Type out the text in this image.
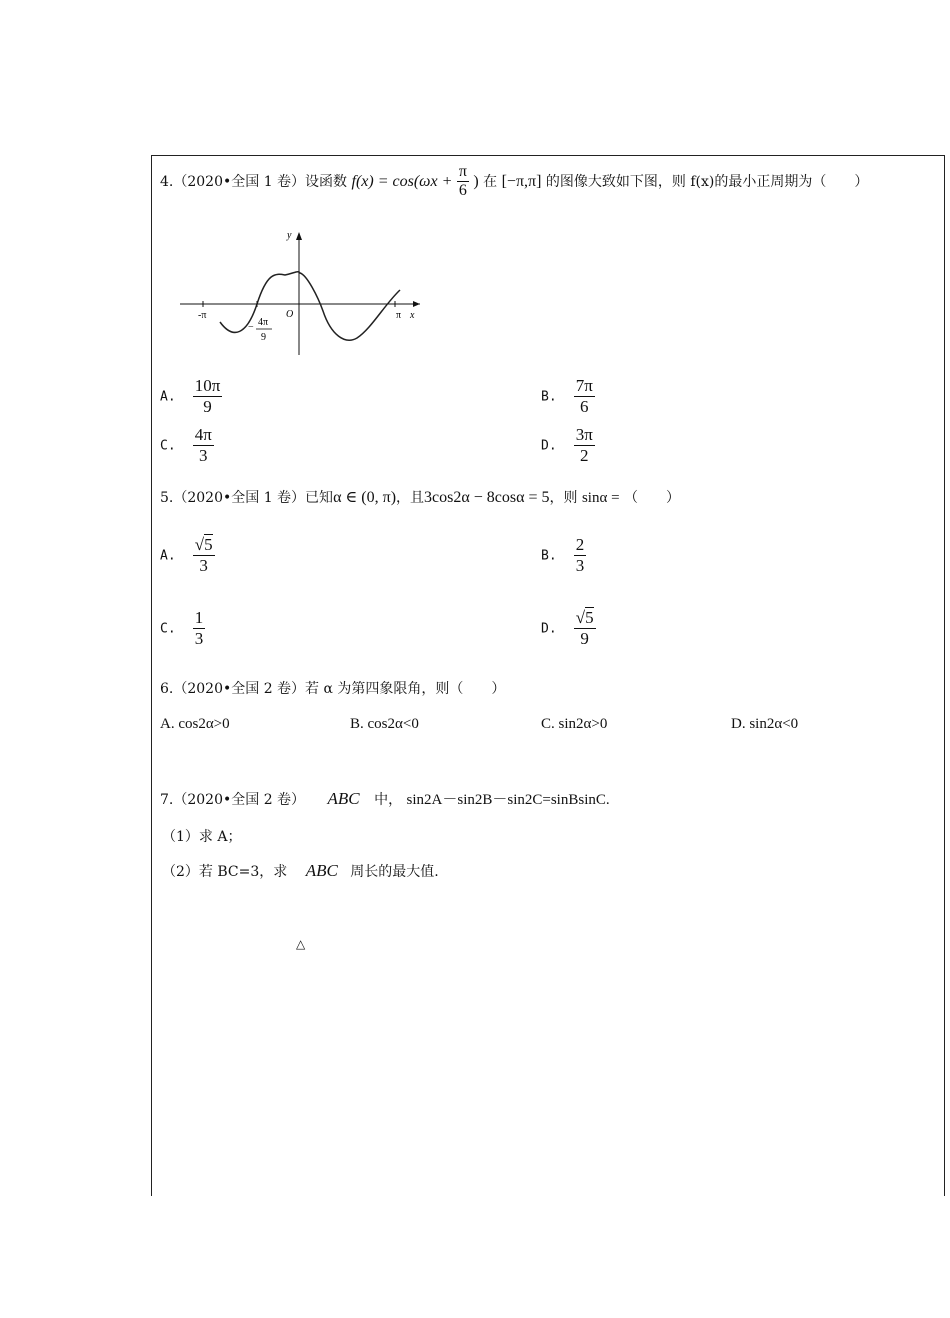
4.（2020•全国 1 卷）设函数 $f(x) = \cos(\omega x + \frac{\pi}{6}$ ) 在 [−π,π] 的图像大致如下图，则 f(x)的最小正周期为（　　）
-π	π x
y
O
− 4π
9
A. $\frac{10\pi}{9}$	B. $\frac{7\pi}{6}$
C. $\frac{4\pi}{3}$	D. $\frac{3\pi}{2}$
5.（2020•全国 1 卷）已知α ∈ (0, π)，且3cos2α − 8cosα = 5，则 sinα = （　　）
A. $\frac{√5}{3}$	B. $\frac{2}{3}$
C. $\frac{1}{3}$	D. $\frac{√5}{9}$
6.（2020•全国 2 卷）若 α 为第四象限角，则（　　）
A. cos2α>0	B. cos2α<0	C. sin2α>0	D. sin2α<0
7.（2020•全国 2 卷） ABC 中， sin2A－sin2B－sin2C=sinBsinC.
（1）求 A；
（2）若 BC=3，求 ABC 周长的最大值.
△
